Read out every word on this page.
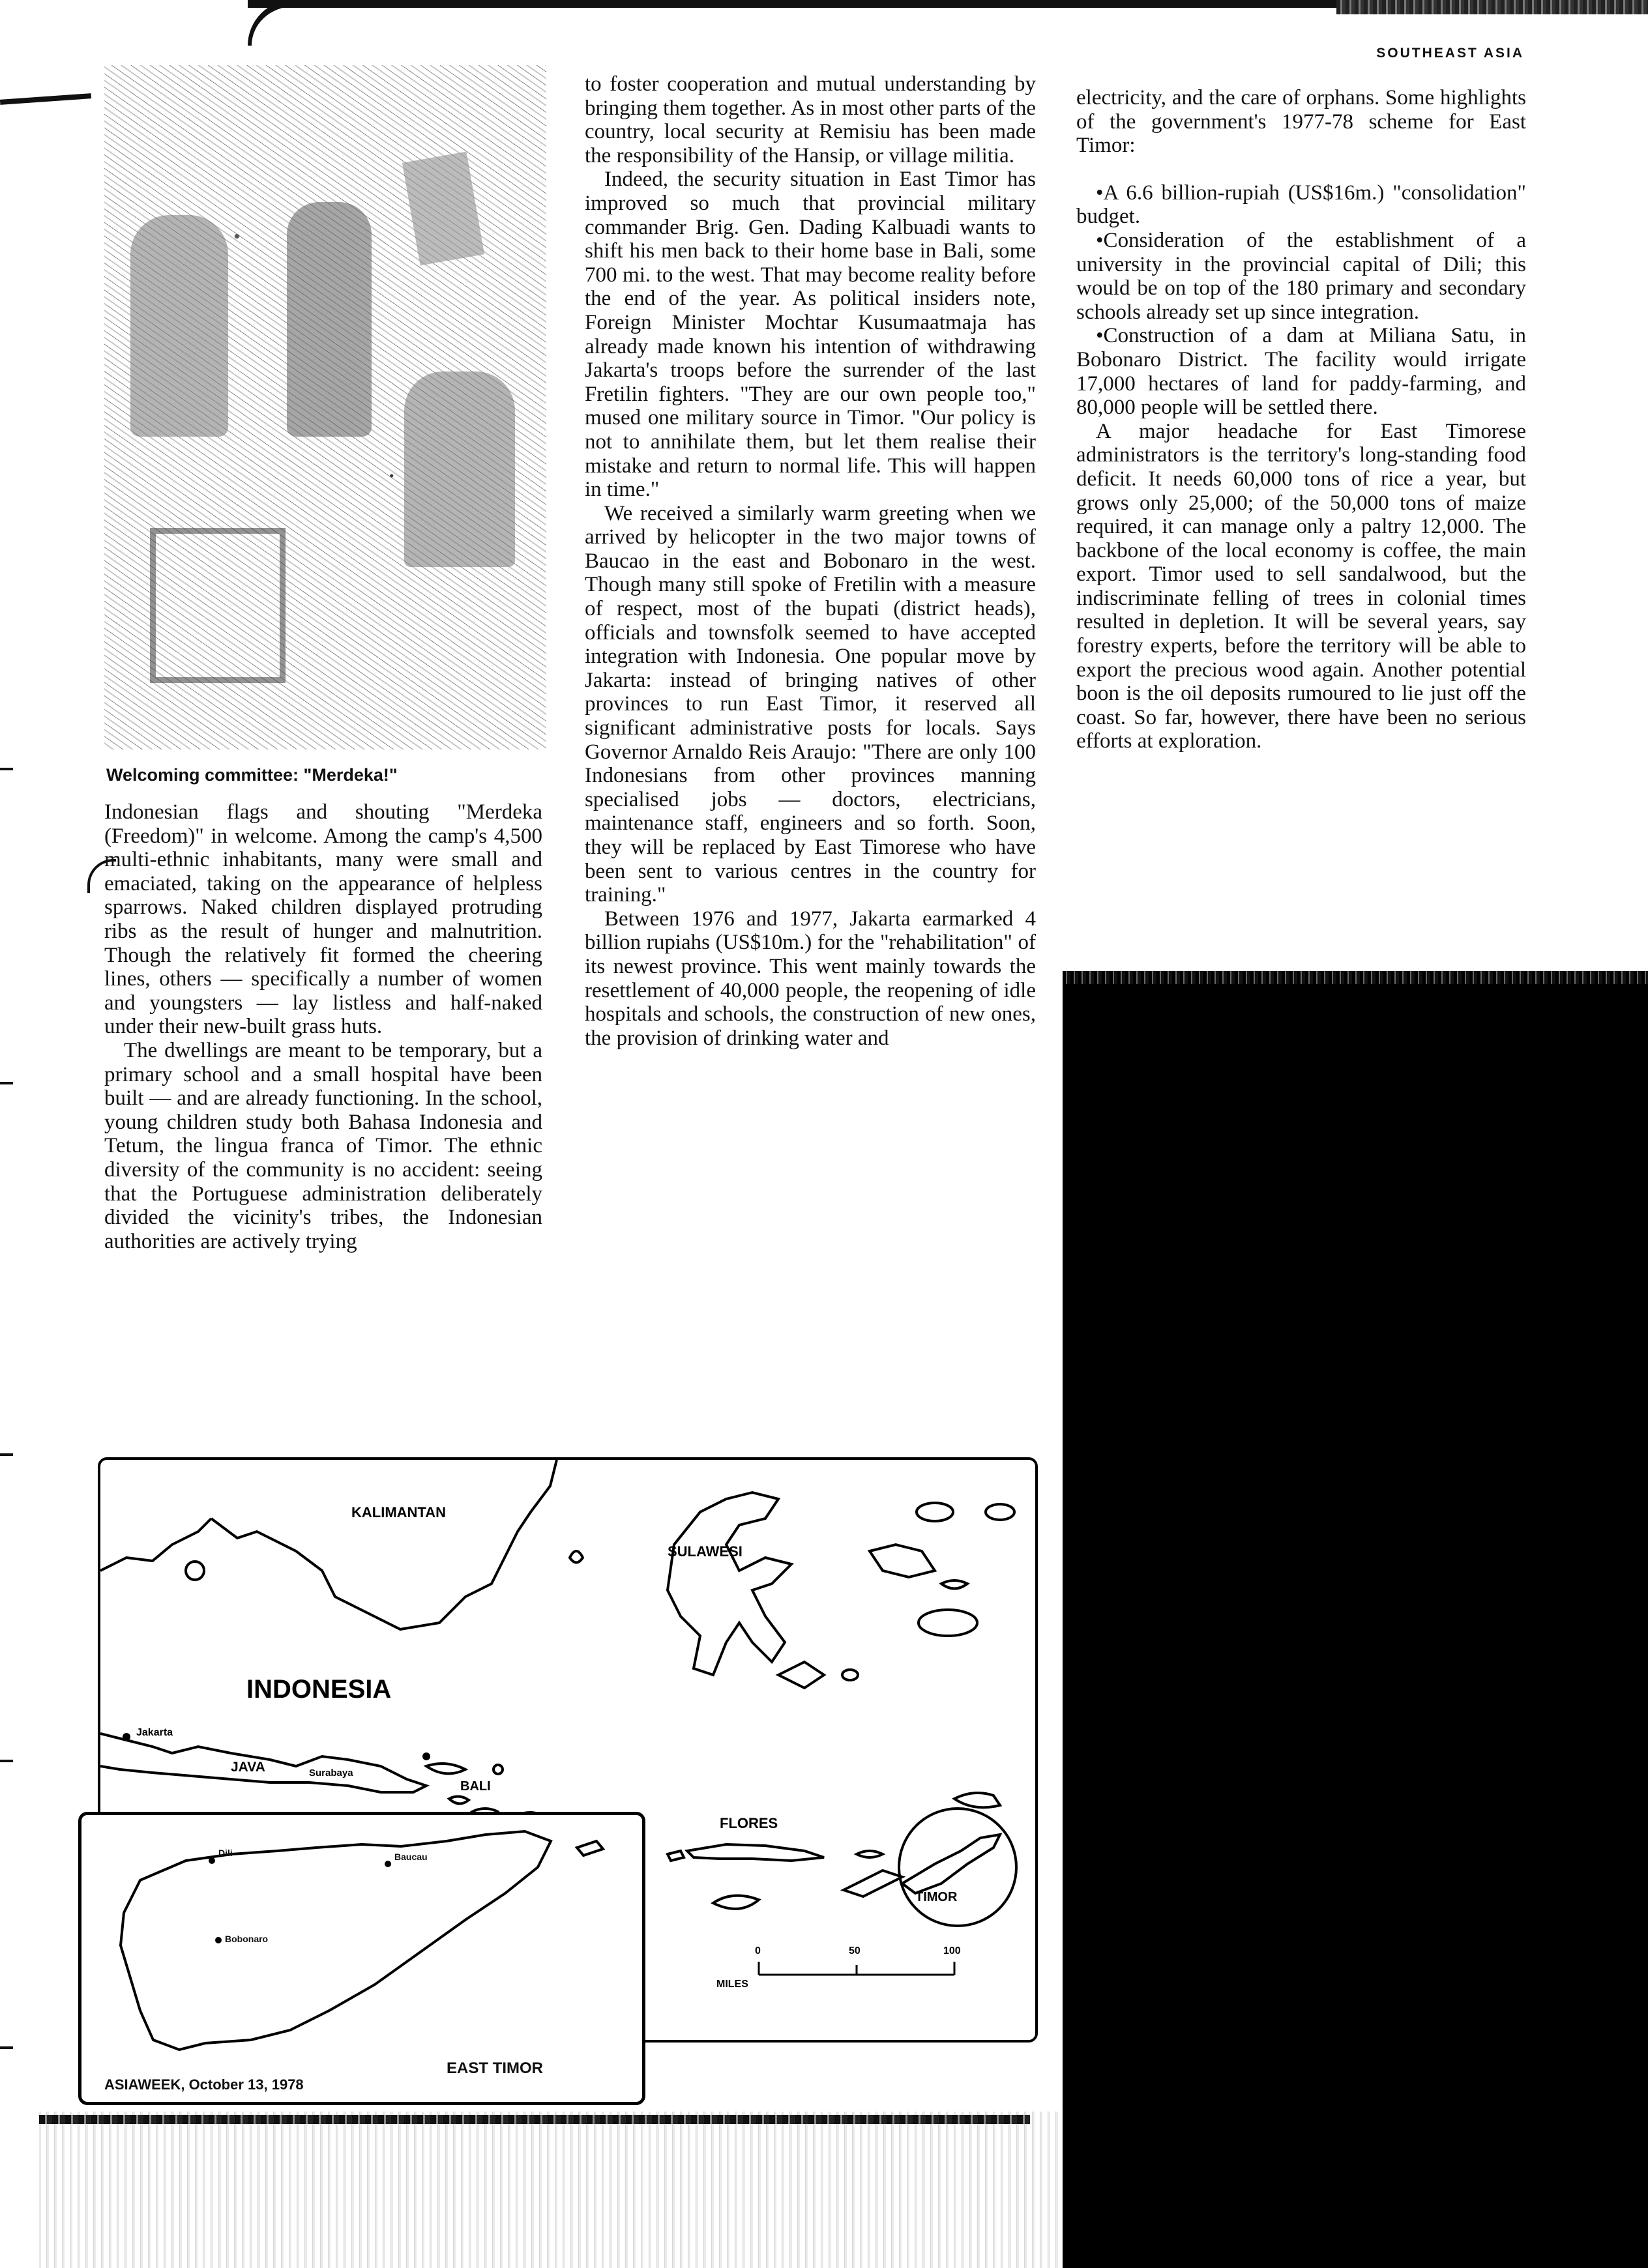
SOUTHEAST ASIA
Welcoming committee: "Merdeka!"

Indonesian flags and shouting "Merdeka (Freedom)" in welcome. Among the camp's 4,500 multi-ethnic inhabitants, many were small and emaciated, taking on the appearance of helpless sparrows. Naked children displayed protruding ribs as the result of hunger and malnutrition. Though the relatively fit formed the cheering lines, others — specifically a number of women and youngsters — lay listless and half-naked under their new-built grass huts.

The dwellings are meant to be temporary, but a primary school and a small hospital have been built — and are already functioning. In the school, young children study both Bahasa Indonesia and Tetum, the lingua franca of Timor. The ethnic diversity of the community is no accident: seeing that the Portuguese administration deliberately divided the vicinity's tribes, the Indonesian authorities are actively trying

to foster cooperation and mutual understanding by bringing them together. As in most other parts of the country, local security at Remisiu has been made the responsibility of the Hansip, or village militia.

Indeed, the security situation in East Timor has improved so much that provincial military commander Brig. Gen. Dading Kalbuadi wants to shift his men back to their home base in Bali, some 700 mi. to the west. That may become reality before the end of the year. As political insiders note, Foreign Minister Mochtar Kusumaatmaja has already made known his intention of withdrawing Jakarta's troops before the surrender of the last Fretilin fighters. "They are our own people too," mused one military source in Timor. "Our policy is not to annihilate them, but let them realise their mistake and return to normal life. This will happen in time."

We received a similarly warm greeting when we arrived by helicopter in the two major towns of Baucao in the east and Bobonaro in the west. Though many still spoke of Fretilin with a measure of respect, most of the bupati (district heads), officials and townsfolk seemed to have accepted integration with Indonesia. One popular move by Jakarta: instead of bringing natives of other provinces to run East Timor, it reserved all significant administrative posts for locals. Says Governor Arnaldo Reis Araujo: "There are only 100 Indonesians from other provinces manning specialised jobs — doctors, electricians, maintenance staff, engineers and so forth. Soon, they will be replaced by East Timorese who have been sent to various centres in the country for training."

Between 1976 and 1977, Jakarta earmarked 4 billion rupiahs (US$10m.) for the "rehabilitation" of its newest province. This went mainly towards the resettlement of 40,000 people, the reopening of idle hospitals and schools, the construction of new ones, the provision of drinking water and

electricity, and the care of orphans. Some highlights of the government's 1977-78 scheme for East Timor:

•A 6.6 billion-rupiah (US$16m.) "consolidation" budget.

•Consideration of the establishment of a university in the provincial capital of Dili; this would be on top of the 180 primary and secondary schools already set up since integration.

•Construction of a dam at Miliana Satu, in Bobonaro District. The facility would irrigate 17,000 hectares of land for paddy-farming, and 80,000 people will be settled there.

A major headache for East Timorese administrators is the territory's long-standing food deficit. It needs 60,000 tons of rice a year, but grows only 25,000; of the 50,000 tons of maize required, it can manage only a paltry 12,000. The backbone of the local economy is coffee, the main export. Timor used to sell sandalwood, but the indiscriminate felling of trees in colonial times resulted in depletion. It will be several years, say forestry experts, before the territory will be able to export the precious wood again. Another potential boon is the oil deposits rumoured to lie just off the coast. So far, however, there have been no serious efforts at exploration.

KALIMANTAN
INDONESIA
SULAWESI
Jakarta
JAVA	Surabaya
BALI
FLORES
TIMOR
MILES
0	50	100
Dili	Baucau
Bobonaro
EAST TIMOR
ASIAWEEK, October 13, 1978
